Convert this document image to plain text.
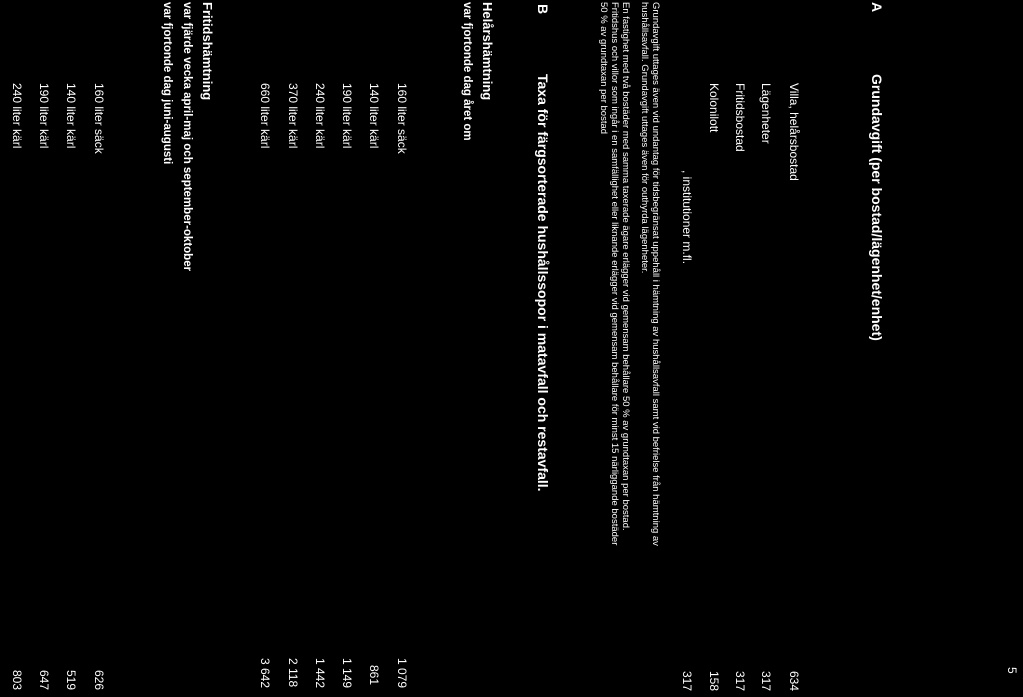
5
A
Grundavgift (per bostad/lägenhet/enhet)
Villa, helårsbostad
634
Lägenheter
317
Fritidsbostad
317
Kolonilott
158
, institutioner m.fl.
317
Grundavgift uttages även vid undantag för tidsbegränsat uppehåll i hämtning av hushållsavfall samt vid befrielse från hämtning av
hushållsavfall. Grundavgift uttages även för outhyrda lägenheter.
En fastighet med två bostäder med samma taxerade ägare erlägger vid gemensam behållare 50 % av grundtaxan per bostad.
Fritidshus och villor som ingår i en samfällighet eller liknande erlägger vid gemensam behållare för minst 15 närliggande bostäder
50 % av grundtaxan per bostad
B
Taxa för färgsorterade hushållssopor i matavfall och restavfall.
Helårshämtning
var fjortonde dag året om
160 liter säck
1 079
140 liter kärl
861
190 liter kärl
1 149
240 liter kärl
1 442
370 liter kärl
2 118
660 liter kärl
3 642
Fritidshämtning
var fjärde vecka april-maj och september-oktober
var fjortonde dag juni-augusti
160 liter säck
626
140 liter kärl
519
190 liter kärl
647
240 liter kärl
803
